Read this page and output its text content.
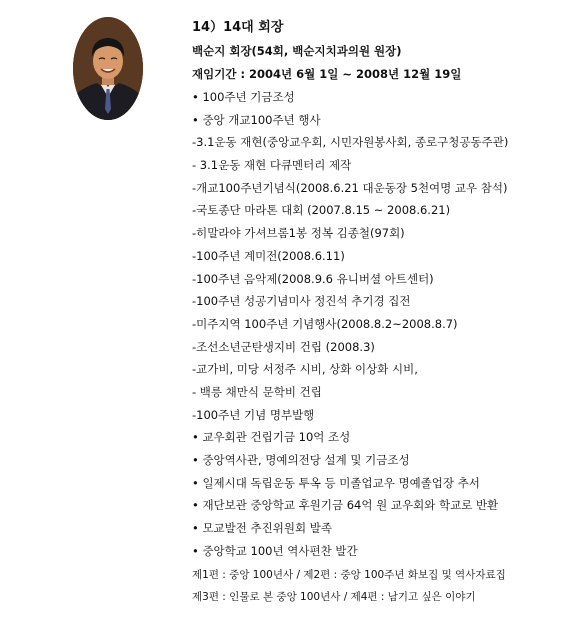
14）14대 회장
백순지 회장(54회, 백순지치과의원 원장)
재임기간 : 2004년 6월 1일 ~ 2008년 12월 19일
• 100주년 기금조성
• 중앙 개교100주년 행사
-3.1운동 재현(중앙교우회, 시민자원봉사회, 종로구청공동주관)
- 3.1운동 재현 다큐멘터리 제작
-개교100주년기념식(2008.6.21 대운동장 5천여명 교우 참석)
-국토종단 마라톤 대회 (2007.8.15 ~ 2008.6.21)
-히말라야 가셔브롬1봉 정복 김종철(97회)
-100주년 계미전(2008.6.11)
-100주년 음악제(2008.9.6 유니버셜 아트센터)
-100주년 성공기념미사 정진석 추기경 집전
-미주지역 100주년 기념행사(2008.8.2~2008.8.7)
-조선소년군탄생지비 건립 (2008.3)
-교가비, 미당 서정주 시비, 상화 이상화 시비,
- 백릉 채만식 문학비 건립
-100주년 기념 명부발행
• 교우회관 건립기금 10억 조성
• 중앙역사관, 명예의전당 설계 및 기금조성
• 일제시대 독립운동 투옥 등 미졸업교우 명예졸업장 추서
• 재단보관 중앙학교 후원기금 64억 원 교우회와 학교로 반환
• 모교발전 추진위원회 발족
• 중앙학교 100년 역사편찬 발간
제1편 : 중앙 100년사 / 제2편 : 중앙 100주년 화보집 및 역사자료집
제3편 : 인물로 본 중앙 100년사 / 제4편 : 남기고 싶은 이야기
